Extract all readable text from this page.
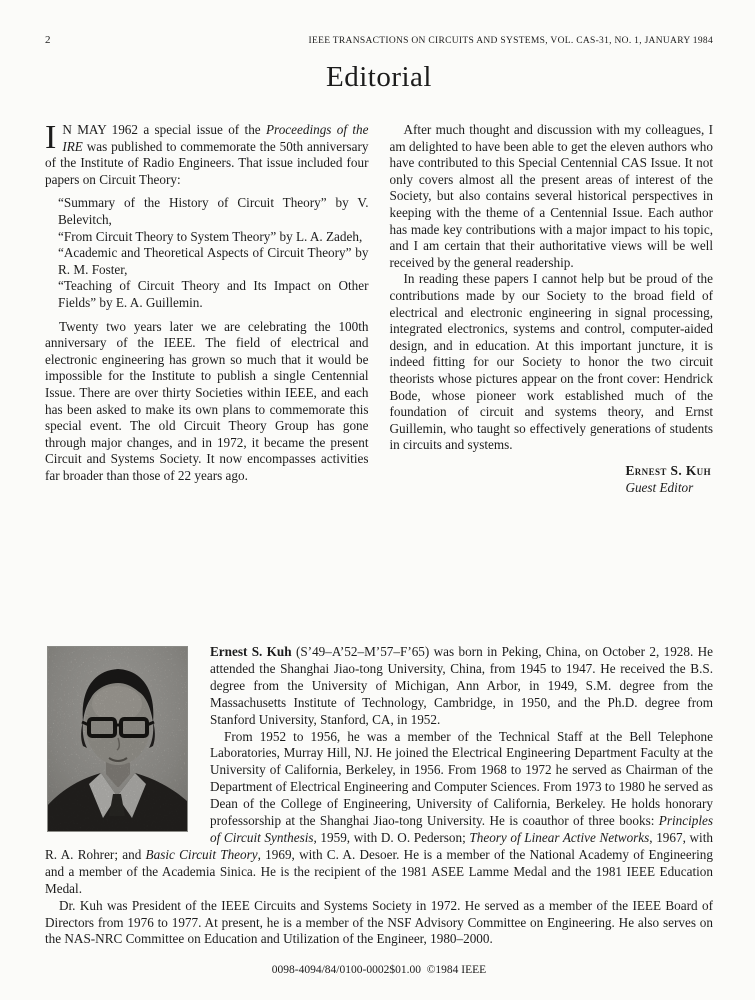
2	IEEE TRANSACTIONS ON CIRCUITS AND SYSTEMS, VOL. CAS-31, NO. 1, JANUARY 1984
Editorial

I N MAY 1962 a special issue of the Proceedings of the IRE was published to commemorate the 50th anniversary of the Institute of Radio Engineers. That issue included four papers on Circuit Theory:

“Summary of the History of Circuit Theory” by V. Belevitch,

“From Circuit Theory to System Theory” by L. A. Zadeh,

“Academic and Theoretical Aspects of Circuit Theory” by R. M. Foster,

“Teaching of Circuit Theory and Its Impact on Other Fields” by E. A. Guillemin.

Twenty two years later we are celebrating the 100th anniversary of the IEEE. The field of electrical and electronic engineering has grown so much that it would be impossible for the Institute to publish a single Centennial Issue. There are over thirty Societies within IEEE, and each has been asked to make its own plans to commemorate this special event. The old Circuit Theory Group has gone through major changes, and in 1972, it became the present Circuit and Systems Society. It now encompasses activities far broader than those of 22 years ago.

After much thought and discussion with my colleagues, I am delighted to have been able to get the eleven authors who have contributed to this Special Centennial CAS Issue. It not only covers almost all the present areas of interest of the Society, but also contains several historical perspectives in keeping with the theme of a Centennial Issue. Each author has made key contributions with a major impact to his topic, and I am certain that their authoritative views will be well received by the general readership.

In reading these papers I cannot help but be proud of the contributions made by our Society to the broad field of electrical and electronic engineering in signal processing, integrated electronics, systems and control, computer-aided design, and in education. At this important juncture, it is indeed fitting for our Society to honor the two circuit theorists whose pictures appear on the front cover: Hendrick Bode, whose pioneer work established much of the foundation of circuit and systems theory, and Ernst Guillemin, who taught so effectively generations of students in circuits and systems.

Ernest S. Kuh
Guest Editor

Ernest S. Kuh (S’49–A’52–M’57–F’65) was born in Peking, China, on October 2, 1928. He attended the Shanghai Jiao-tong University, China, from 1945 to 1947. He received the B.S. degree from the University of Michigan, Ann Arbor, in 1949, S.M. degree from the Massachusetts Institute of Technology, Cambridge, in 1950, and the Ph.D. degree from Stanford University, Stanford, CA, in 1952.

From 1952 to 1956, he was a member of the Technical Staff at the Bell Telephone Laboratories, Murray Hill, NJ. He joined the Electrical Engineering Department Faculty at the University of California, Berkeley, in 1956. From 1968 to 1972 he served as Chairman of the Department of Electrical Engineering and Computer Sciences. From 1973 to 1980 he served as Dean of the College of Engineering, University of California, Berkeley. He holds honorary professorship at the Shanghai Jiao-tong University. He is coauthor of three books: Principles of Circuit Synthesis, 1959, with D. O. Pederson; Theory of Linear Active Networks, 1967, with R. A. Rohrer; and Basic Circuit Theory, 1969, with C. A. Desoer. He is a member of the National Academy of Engineering and a member of the Academia Sinica. He is the recipient of the 1981 ASEE Lamme Medal and the 1981 IEEE Education Medal.

Dr. Kuh was President of the IEEE Circuits and Systems Society in 1972. He served as a member of the IEEE Board of Directors from 1976 to 1977. At present, he is a member of the NSF Advisory Committee on Engineering. He also serves on the NAS-NRC Committee on Education and Utilization of the Engineer, 1980–2000.

0098-4094/84/0100-0002$01.00  ©1984 IEEE
